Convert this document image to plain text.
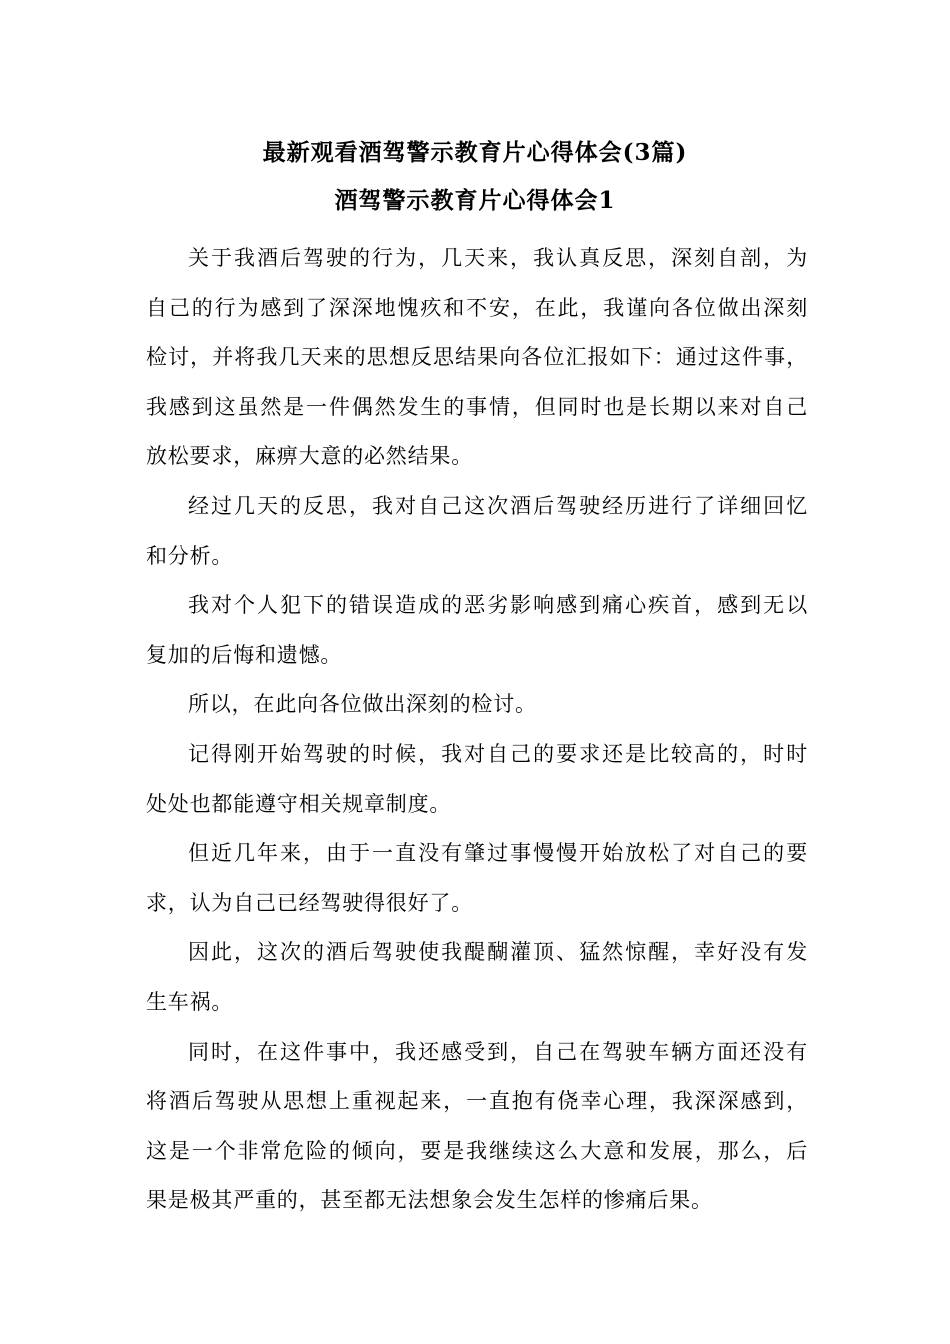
最新观看酒驾警示教育片心得体会(3篇)
酒驾警示教育片心得体会1
关于我酒后驾驶的行为，几天来，我认真反思，深刻自剖，为
自己的行为感到了深深地愧疚和不安，在此，我谨向各位做出深刻
检讨，并将我几天来的思想反思结果向各位汇报如下：通过这件事，
我感到这虽然是一件偶然发生的事情，但同时也是长期以来对自己
放松要求，麻痹大意的必然结果。
经过几天的反思，我对自己这次酒后驾驶经历进行了详细回忆
和分析。
我对个人犯下的错误造成的恶劣影响感到痛心疾首，感到无以
复加的后悔和遗憾。
所以，在此向各位做出深刻的检讨。
记得刚开始驾驶的时候，我对自己的要求还是比较高的，时时
处处也都能遵守相关规章制度。
但近几年来，由于一直没有肇过事慢慢开始放松了对自己的要
求，认为自己已经驾驶得很好了。
因此，这次的酒后驾驶使我醍醐灌顶、猛然惊醒，幸好没有发
生车祸。
同时，在这件事中，我还感受到，自己在驾驶车辆方面还没有
将酒后驾驶从思想上重视起来，一直抱有侥幸心理，我深深感到，
这是一个非常危险的倾向，要是我继续这么大意和发展，那么，后
果是极其严重的，甚至都无法想象会发生怎样的惨痛后果。
